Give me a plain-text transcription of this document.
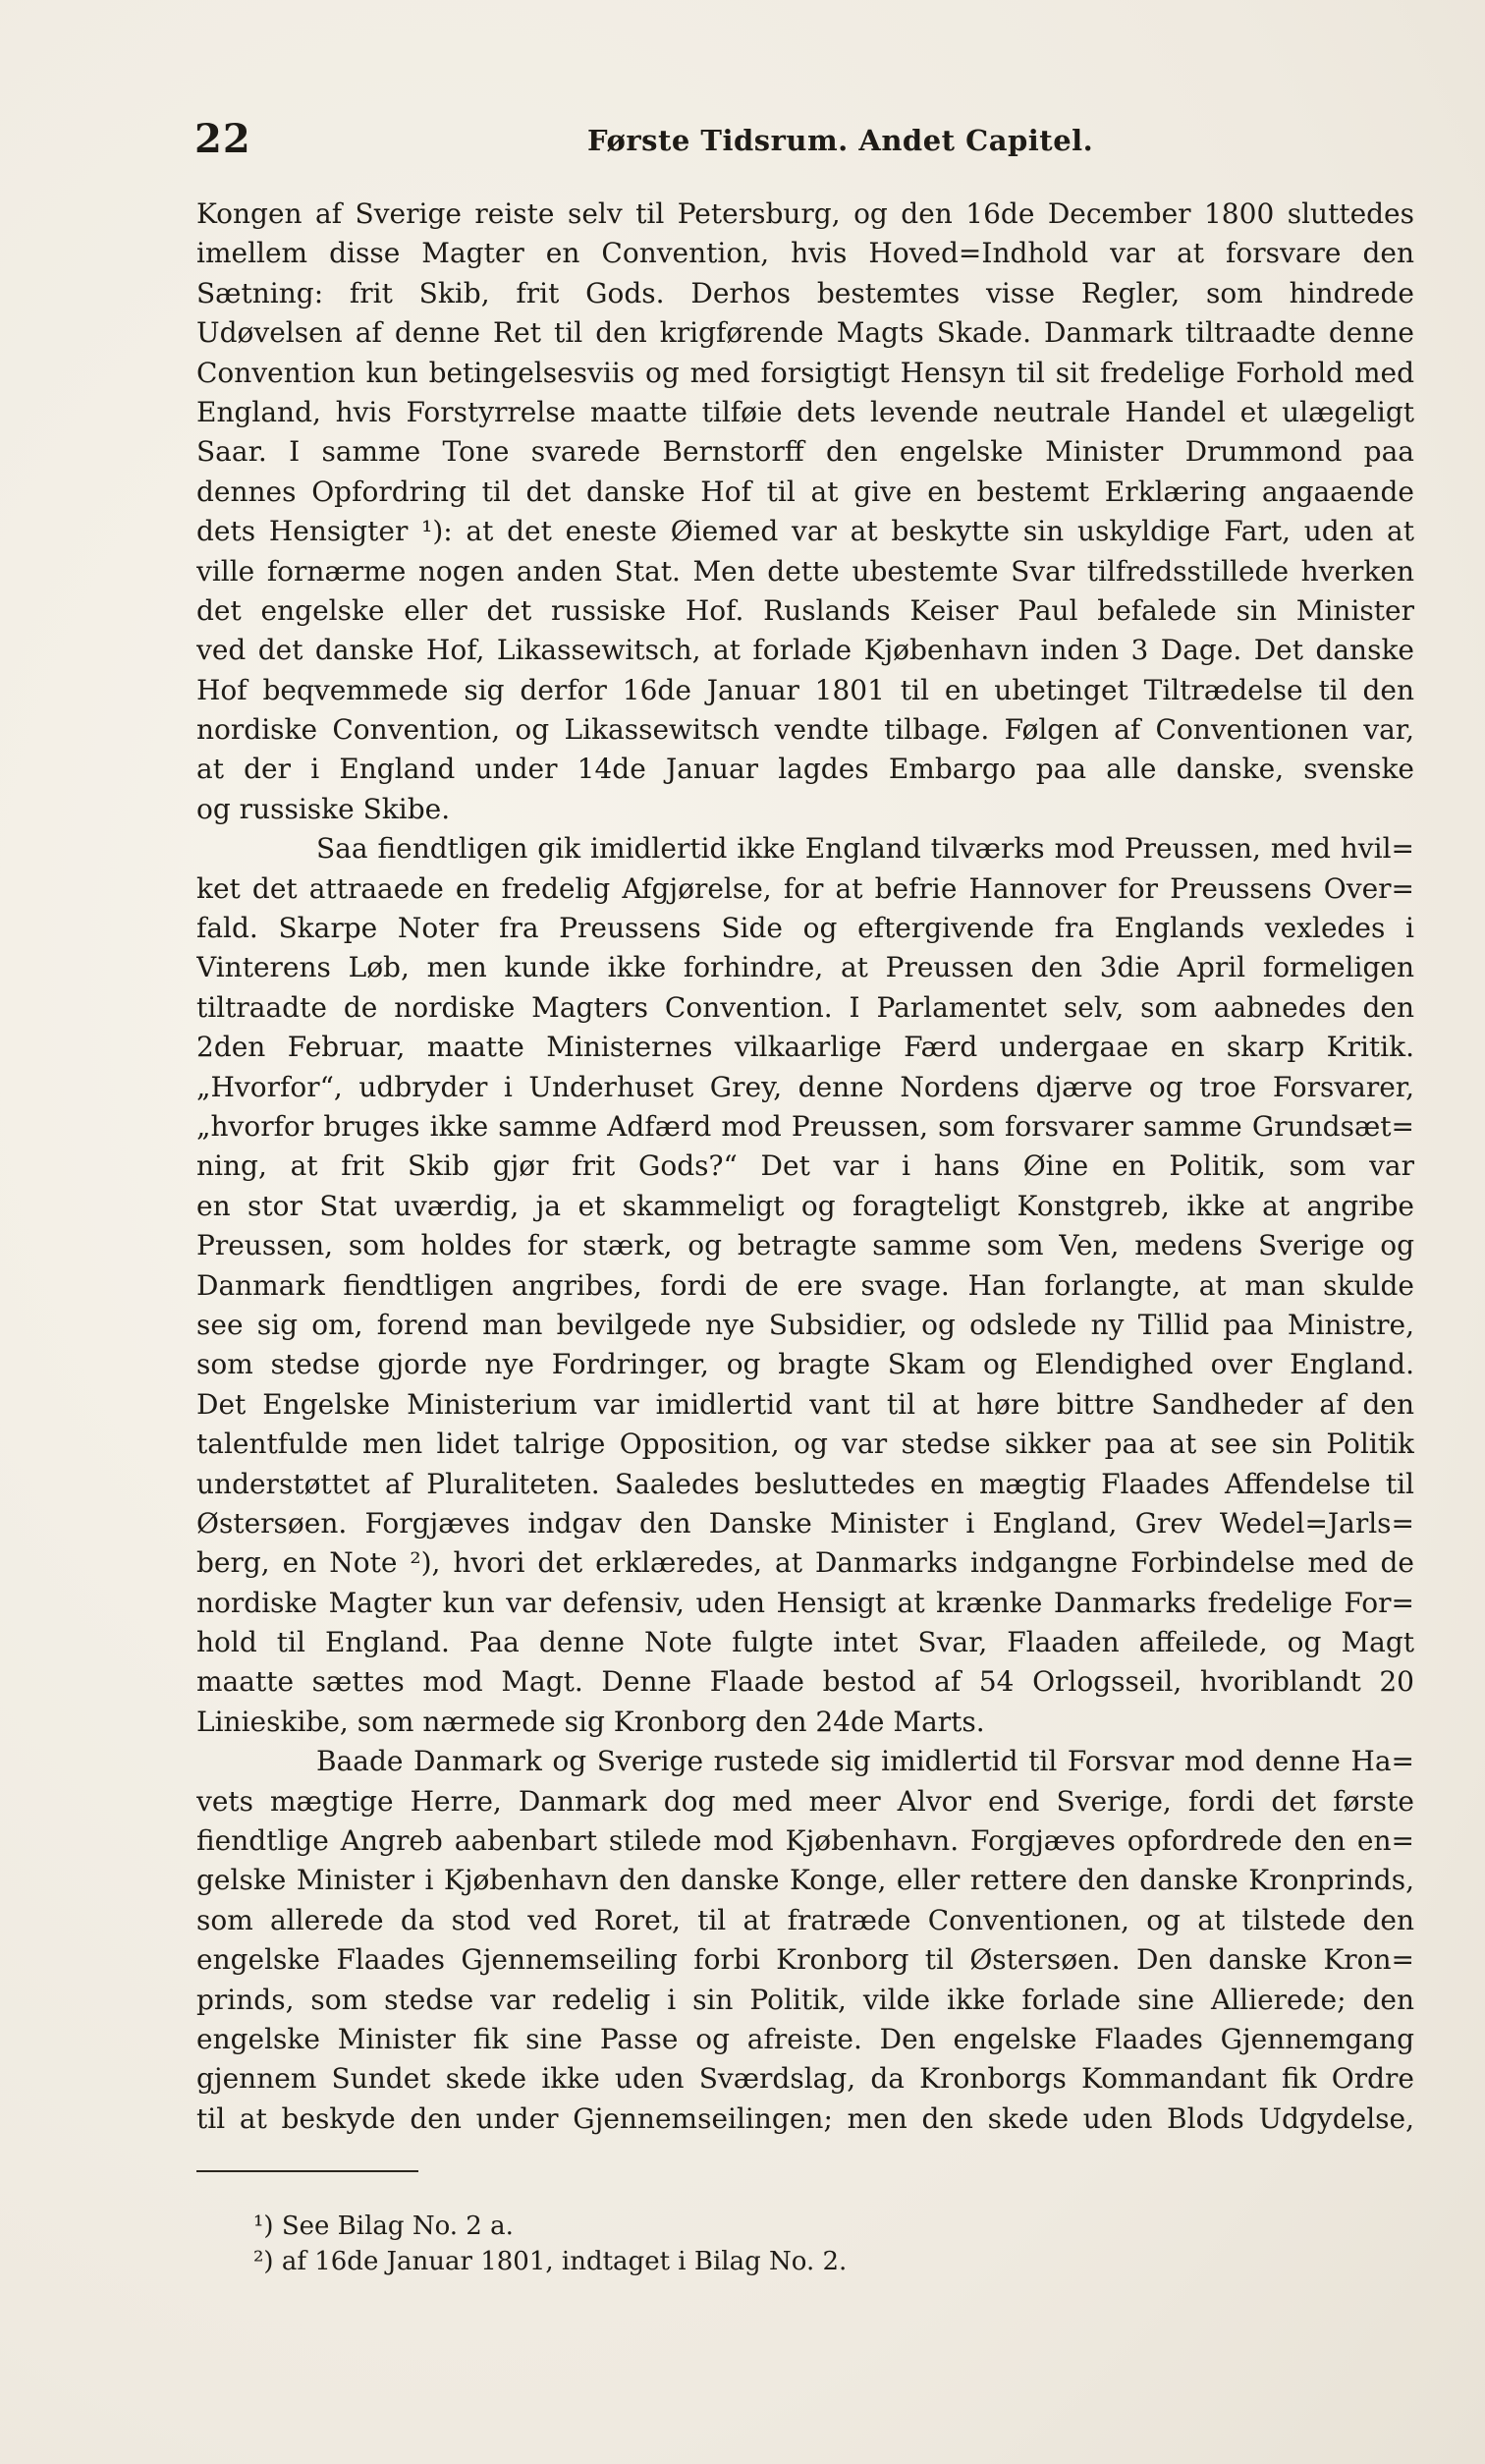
22	Første Tidsrum. Andet Capitel.
Kongen af Sverige reiste selv til Petersburg, og den 16de December 1800 sluttedes
imellem disse Magter en Convention, hvis Hoved=Indhold var at forsvare den
Sætning: frit Skib, frit Gods. Derhos bestemtes visse Regler, som hindrede
Udøvelsen af denne Ret til den krigførende Magts Skade. Danmark tiltraadte denne
Convention kun betingelsesviis og med forsigtigt Hensyn til sit fredelige Forhold med
England, hvis Forstyrrelse maatte tilføie dets levende neutrale Handel et ulægeligt
Saar. I samme Tone svarede Bernstorff den engelske Minister Drummond paa
dennes Opfordring til det danske Hof til at give en bestemt Erklæring angaaende
dets Hensigter ¹): at det eneste Øiemed var at beskytte sin uskyldige Fart, uden at
ville fornærme nogen anden Stat. Men dette ubestemte Svar tilfredsstillede hverken
det engelske eller det russiske Hof. Ruslands Keiser Paul befalede sin Minister
ved det danske Hof, Likassewitsch, at forlade Kjøbenhavn inden 3 Dage. Det danske
Hof beqvemmede sig derfor 16de Januar 1801 til en ubetinget Tiltrædelse til den
nordiske Convention, og Likassewitsch vendte tilbage. Følgen af Conventionen var,
at der i England under 14de Januar lagdes Embargo paa alle danske, svenske
og russiske Skibe.
Saa fiendtligen gik imidlertid ikke England tilværks mod Preussen, med hvil=
ket det attraaede en fredelig Afgjørelse, for at befrie Hannover for Preussens Over=
fald. Skarpe Noter fra Preussens Side og eftergivende fra Englands vexledes i
Vinterens Løb, men kunde ikke forhindre, at Preussen den 3die April formeligen
tiltraadte de nordiske Magters Convention. I Parlamentet selv, som aabnedes den
2den Februar, maatte Ministernes vilkaarlige Færd undergaae en skarp Kritik.
„Hvorfor“, udbryder i Underhuset Grey, denne Nordens djærve og troe Forsvarer,
„hvorfor bruges ikke samme Adfærd mod Preussen, som forsvarer samme Grundsæt=
ning, at frit Skib gjør frit Gods?“ Det var i hans Øine en Politik, som var
en stor Stat uværdig, ja et skammeligt og foragteligt Konstgreb, ikke at angribe
Preussen, som holdes for stærk, og betragte samme som Ven, medens Sverige og
Danmark fiendtligen angribes, fordi de ere svage. Han forlangte, at man skulde
see sig om, forend man bevilgede nye Subsidier, og odslede ny Tillid paa Ministre,
som stedse gjorde nye Fordringer, og bragte Skam og Elendighed over England.
Det Engelske Ministerium var imidlertid vant til at høre bittre Sandheder af den
talentfulde men lidet talrige Opposition, og var stedse sikker paa at see sin Politik
understøttet af Pluraliteten. Saaledes besluttedes en mægtig Flaades Affendelse til
Østersøen. Forgjæves indgav den Danske Minister i England, Grev Wedel=Jarls=
berg, en Note ²), hvori det erklæredes, at Danmarks indgangne Forbindelse med de
nordiske Magter kun var defensiv, uden Hensigt at krænke Danmarks fredelige For=
hold til England. Paa denne Note fulgte intet Svar, Flaaden affeilede, og Magt
maatte sættes mod Magt. Denne Flaade bestod af 54 Orlogsseil, hvoriblandt 20
Linieskibe, som nærmede sig Kronborg den 24de Marts.
Baade Danmark og Sverige rustede sig imidlertid til Forsvar mod denne Ha=
vets mægtige Herre, Danmark dog med meer Alvor end Sverige, fordi det første
fiendtlige Angreb aabenbart stilede mod Kjøbenhavn. Forgjæves opfordrede den en=
gelske Minister i Kjøbenhavn den danske Konge, eller rettere den danske Kronprinds,
som allerede da stod ved Roret, til at fratræde Conventionen, og at tilstede den
engelske Flaades Gjennemseiling forbi Kronborg til Østersøen. Den danske Kron=
prinds, som stedse var redelig i sin Politik, vilde ikke forlade sine Allierede; den
engelske Minister fik sine Passe og afreiste. Den engelske Flaades Gjennemgang
gjennem Sundet skede ikke uden Sværdslag, da Kronborgs Kommandant fik Ordre
til at beskyde den under Gjennemseilingen; men den skede uden Blods Udgydelse,
¹) See Bilag No. 2 a.
²) af 16de Januar 1801, indtaget i Bilag No. 2.
